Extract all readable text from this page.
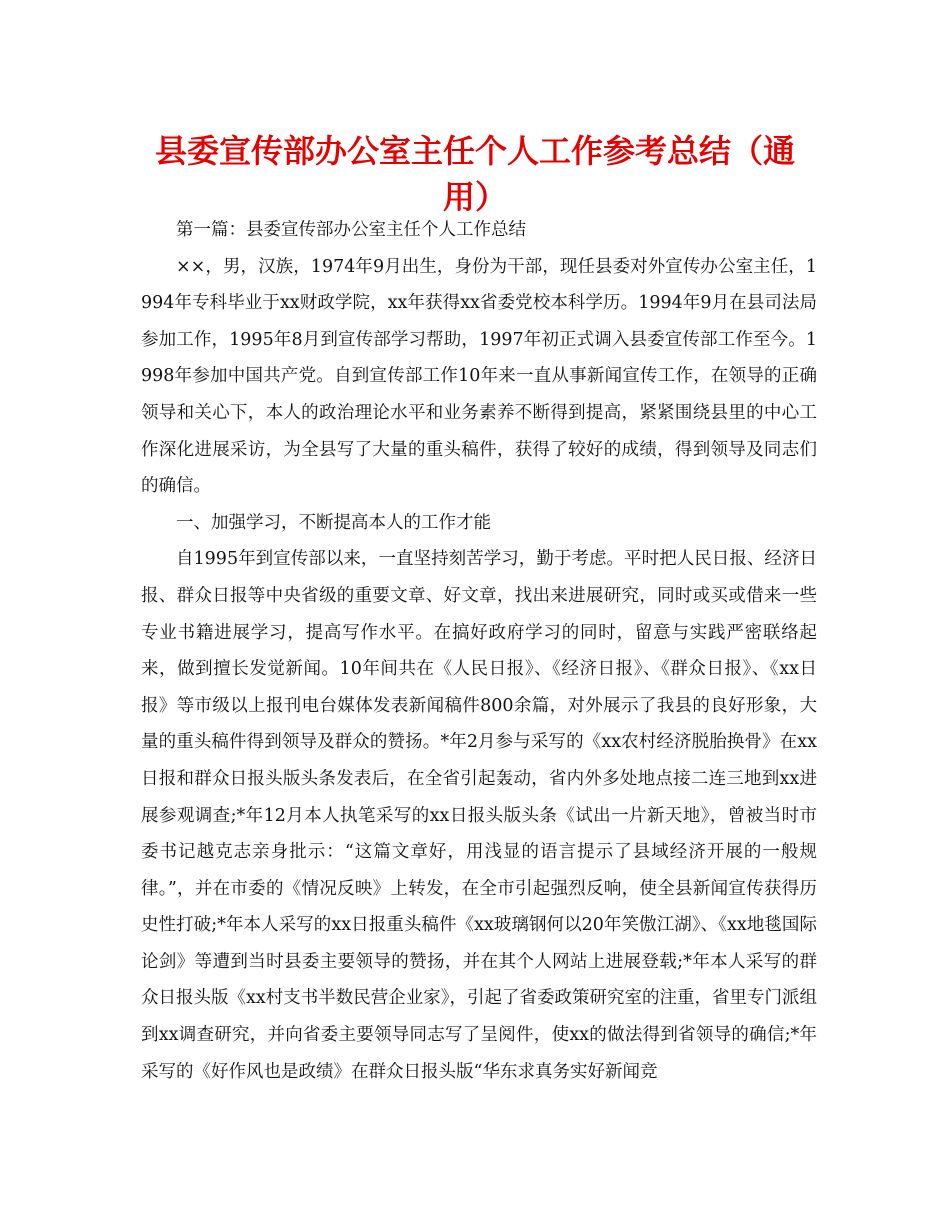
县委宣传部办公室主任个人工作参考总结（通用）

第一篇：县委宣传部办公室主任个人工作总结

××，男，汉族，1974年9月出生，身份为干部，现任县委对外宣传办公室主任，1994年专科毕业于xx财政学院，xx年获得xx省委党校本科学历。1994年9月在县司法局参加工作，1995年8月到宣传部学习帮助，1997年初正式调入县委宣传部工作至今。1998年参加中国共产党。自到宣传部工作10年来一直从事新闻宣传工作，在领导的正确领导和关心下，本人的政治理论水平和业务素养不断得到提高，紧紧围绕县里的中心工作深化进展采访，为全县写了大量的重头稿件，获得了较好的成绩，得到领导及同志们的确信。

一、加强学习，不断提高本人的工作才能

自1995年到宣传部以来，一直坚持刻苦学习，勤于考虑。平时把人民日报、经济日报、群众日报等中央省级的重要文章、好文章，找出来进展研究，同时或买或借来一些专业书籍进展学习，提高写作水平。在搞好政府学习的同时，留意与实践严密联络起来，做到擅长发觉新闻。10年间共在《人民日报》、《经济日报》、《群众日报》、《xx日报》等市级以上报刊电台媒体发表新闻稿件800余篇，对外展示了我县的良好形象，大量的重头稿件得到领导及群众的赞扬。*年2月参与采写的《xx农村经济脱胎换骨》在xx日报和群众日报头版头条发表后，在全省引起轰动，省内外多处地点接二连三地到xx进展参观调查;*年12月本人执笔采写的xx日报头版头条《试出一片新天地》，曾被当时市委书记越克志亲身批示：“这篇文章好，用浅显的语言提示了县域经济开展的一般规律。”，并在市委的《情况反映》上转发，在全市引起强烈反响，使全县新闻宣传获得历史性打破;*年本人采写的xx日报重头稿件《xx玻璃钢何以20年笑傲江湖》、《xx地毯国际论剑》等遭到当时县委主要领导的赞扬，并在其个人网站上进展登载;*年本人采写的群众日报头版《xx村支书半数民营企业家》，引起了省委政策研究室的注重，省里专门派组到xx调查研究，并向省委主要领导同志写了呈阅件，使xx的做法得到省领导的确信;*年采写的《好作风也是政绩》在群众日报头版“华东求真务实好新闻竞
